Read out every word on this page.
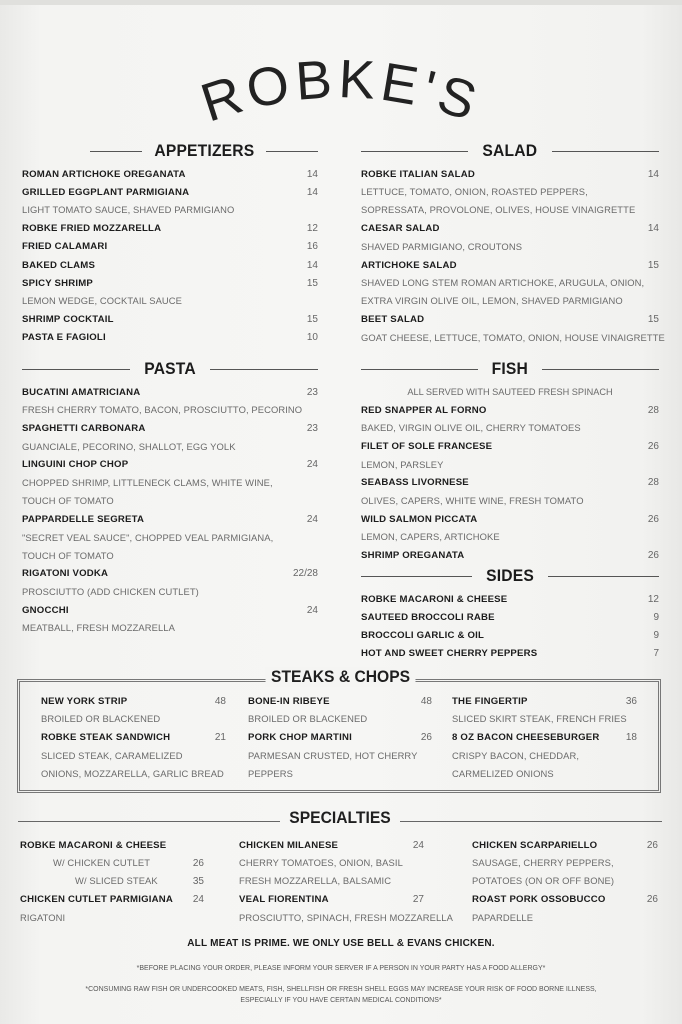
ROBKE'S
APPETIZERS
ROMAN ARTICHOKE OREGANATA	14
GRILLED EGGPLANT PARMIGIANA	14
LIGHT TOMATO SAUCE, SHAVED PARMIGIANO
ROBKE FRIED MOZZARELLA	12
FRIED CALAMARI	16
BAKED CLAMS	14
SPICY SHRIMP	15
LEMON WEDGE, COCKTAIL SAUCE
SHRIMP COCKTAIL	15
PASTA E FAGIOLI	10
SALAD
ROBKE ITALIAN SALAD	14
LETTUCE, TOMATO, ONION, ROASTED PEPPERS,
SOPRESSATA, PROVOLONE, OLIVES, HOUSE VINAIGRETTE
CAESAR SALAD	14
SHAVED PARMIGIANO, CROUTONS
ARTICHOKE SALAD	15
SHAVED LONG STEM ROMAN ARTICHOKE, ARUGULA, ONION,
EXTRA VIRGIN OLIVE OIL, LEMON, SHAVED PARMIGIANO
BEET SALAD	15
GOAT CHEESE, LETTUCE, TOMATO, ONION, HOUSE VINAIGRETTE
PASTA
BUCATINI AMATRICIANA	23
FRESH CHERRY TOMATO, BACON, PROSCIUTTO, PECORINO
SPAGHETTI CARBONARA	23
GUANCIALE, PECORINO, SHALLOT, EGG YOLK
LINGUINI CHOP CHOP	24
CHOPPED SHRIMP, LITTLENECK CLAMS, WHITE WINE,
TOUCH OF TOMATO
PAPPARDELLE SEGRETA	24
"SECRET VEAL SAUCE", CHOPPED VEAL PARMIGIANA,
TOUCH OF TOMATO
RIGATONI VODKA	22/28
PROSCIUTTO (ADD CHICKEN CUTLET)
GNOCCHI	24
MEATBALL, FRESH MOZZARELLA
FISH
ALL SERVED WITH SAUTEED FRESH SPINACH
RED SNAPPER AL FORNO	28
BAKED, VIRGIN OLIVE OIL, CHERRY TOMATOES
FILET OF SOLE FRANCESE	26
LEMON, PARSLEY
SEABASS LIVORNESE	28
OLIVES, CAPERS, WHITE WINE, FRESH TOMATO
WILD SALMON PICCATA	26
LEMON, CAPERS, ARTICHOKE
SHRIMP OREGANATA	26
SIDES
ROBKE MACARONI & CHEESE	12
SAUTEED BROCCOLI RABE	9
BROCCOLI GARLIC & OIL	9
HOT AND SWEET CHERRY PEPPERS	7
STEAKS & CHOPS
NEW YORK STRIP	48
BROILED OR BLACKENED
ROBKE STEAK SANDWICH	21
SLICED STEAK, CARAMELIZED
ONIONS, MOZZARELLA, GARLIC BREAD
BONE-IN RIBEYE	48
BROILED OR BLACKENED
PORK CHOP MARTINI	26
PARMESAN CRUSTED, HOT CHERRY
PEPPERS
THE FINGERTIP	36
SLICED SKIRT STEAK, FRENCH FRIES
8 OZ BACON CHEESEBURGER	18
CRISPY BACON, CHEDDAR,
CARMELIZED ONIONS
SPECIALTIES
ROBKE MACARONI & CHEESE
W/ CHICKEN CUTLET	26
W/ SLICED STEAK	35
CHICKEN CUTLET PARMIGIANA 24
RIGATONI
CHICKEN MILANESE	24
CHERRY TOMATOES, ONION, BASIL
FRESH MOZZARELLA, BALSAMIC
VEAL FIORENTINA	27
PROSCIUTTO, SPINACH, FRESH MOZZARELLA
CHICKEN SCARPARIELLO	26
SAUSAGE, CHERRY PEPPERS,
POTATOES (ON OR OFF BONE)
ROAST PORK OSSOBUCCO	26
PAPARDELLE
ALL MEAT IS PRIME. WE ONLY USE BELL & EVANS CHICKEN.
*BEFORE PLACING YOUR ORDER, PLEASE INFORM YOUR SERVER IF A PERSON IN YOUR PARTY HAS A FOOD ALLERGY*
*CONSUMING RAW FISH OR UNDERCOOKED MEATS, FISH, SHELLFISH OR FRESH SHELL EGGS MAY INCREASE YOUR RISK OF FOOD BORNE ILLNESS,
ESPECIALLY IF YOU HAVE CERTAIN MEDICAL CONDITIONS*
